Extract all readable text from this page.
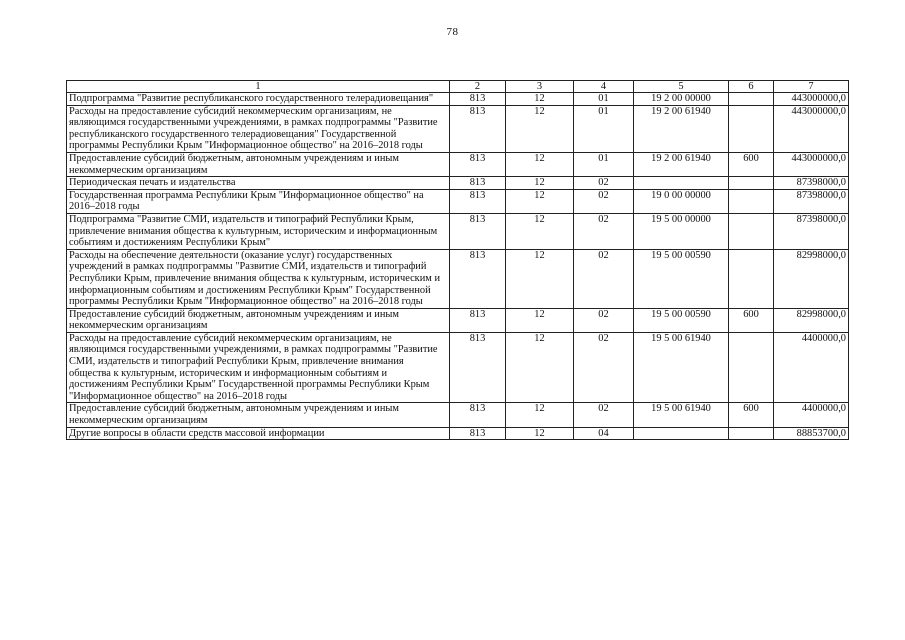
78
1	2	3	4	5	6	7
Подпрограмма "Развитие республиканского государственного телерадиовещания"	813	12	01	19 2 00 00000		443000000,0
Расходы на предоставление субсидий некоммерческим организациям, не являющимся государственными учреждениями, в рамках подпрограммы "Развитие республиканского государственного телерадиовещания" Государственной программы Республики Крым "Информационное общество" на 2016–2018 годы	813	12	01	19 2 00 61940		443000000,0
Предоставление субсидий бюджетным, автономным учреждениям и иным некоммерческим организациям	813	12	01	19 2 00 61940	600	443000000,0
Периодическая печать и издательства	813	12	02			87398000,0
Государственная программа Республики Крым "Информационное общество" на 2016–2018 годы	813	12	02	19 0 00 00000		87398000,0
Подпрограмма "Развитие СМИ, издательств и типографий Республики Крым, привлечение внимания общества к культурным, историческим и информационным событиям и достижениям Республики Крым"	813	12	02	19 5 00 00000		87398000,0
Расходы на обеспечение деятельности (оказание услуг) государственных учреждений в рамках подпрограммы "Развитие СМИ, издательств и типографий Республики Крым, привлечение внимания общества к культурным, историческим и информационным событиям и достижениям Республики Крым" Государственной программы Республики Крым "Информационное общество" на 2016–2018 годы	813	12	02	19 5 00 00590		82998000,0
Предоставление субсидий бюджетным, автономным учреждениям и иным некоммерческим организациям	813	12	02	19 5 00 00590	600	82998000,0
Расходы на предоставление субсидий некоммерческим организациям, не являющимся государственными учреждениями, в рамках подпрограммы "Развитие СМИ, издательств и типографий Республики Крым, привлечение внимания общества к культурным, историческим и информационным событиям и достижениям Республики Крым" Государственной программы Республики Крым "Информационное общество" на 2016–2018 годы	813	12	02	19 5 00 61940		4400000,0
Предоставление субсидий бюджетным, автономным учреждениям и иным некоммерческим организациям	813	12	02	19 5 00 61940	600	4400000,0
Другие вопросы в области средств массовой информации	813	12	04			88853700,0
